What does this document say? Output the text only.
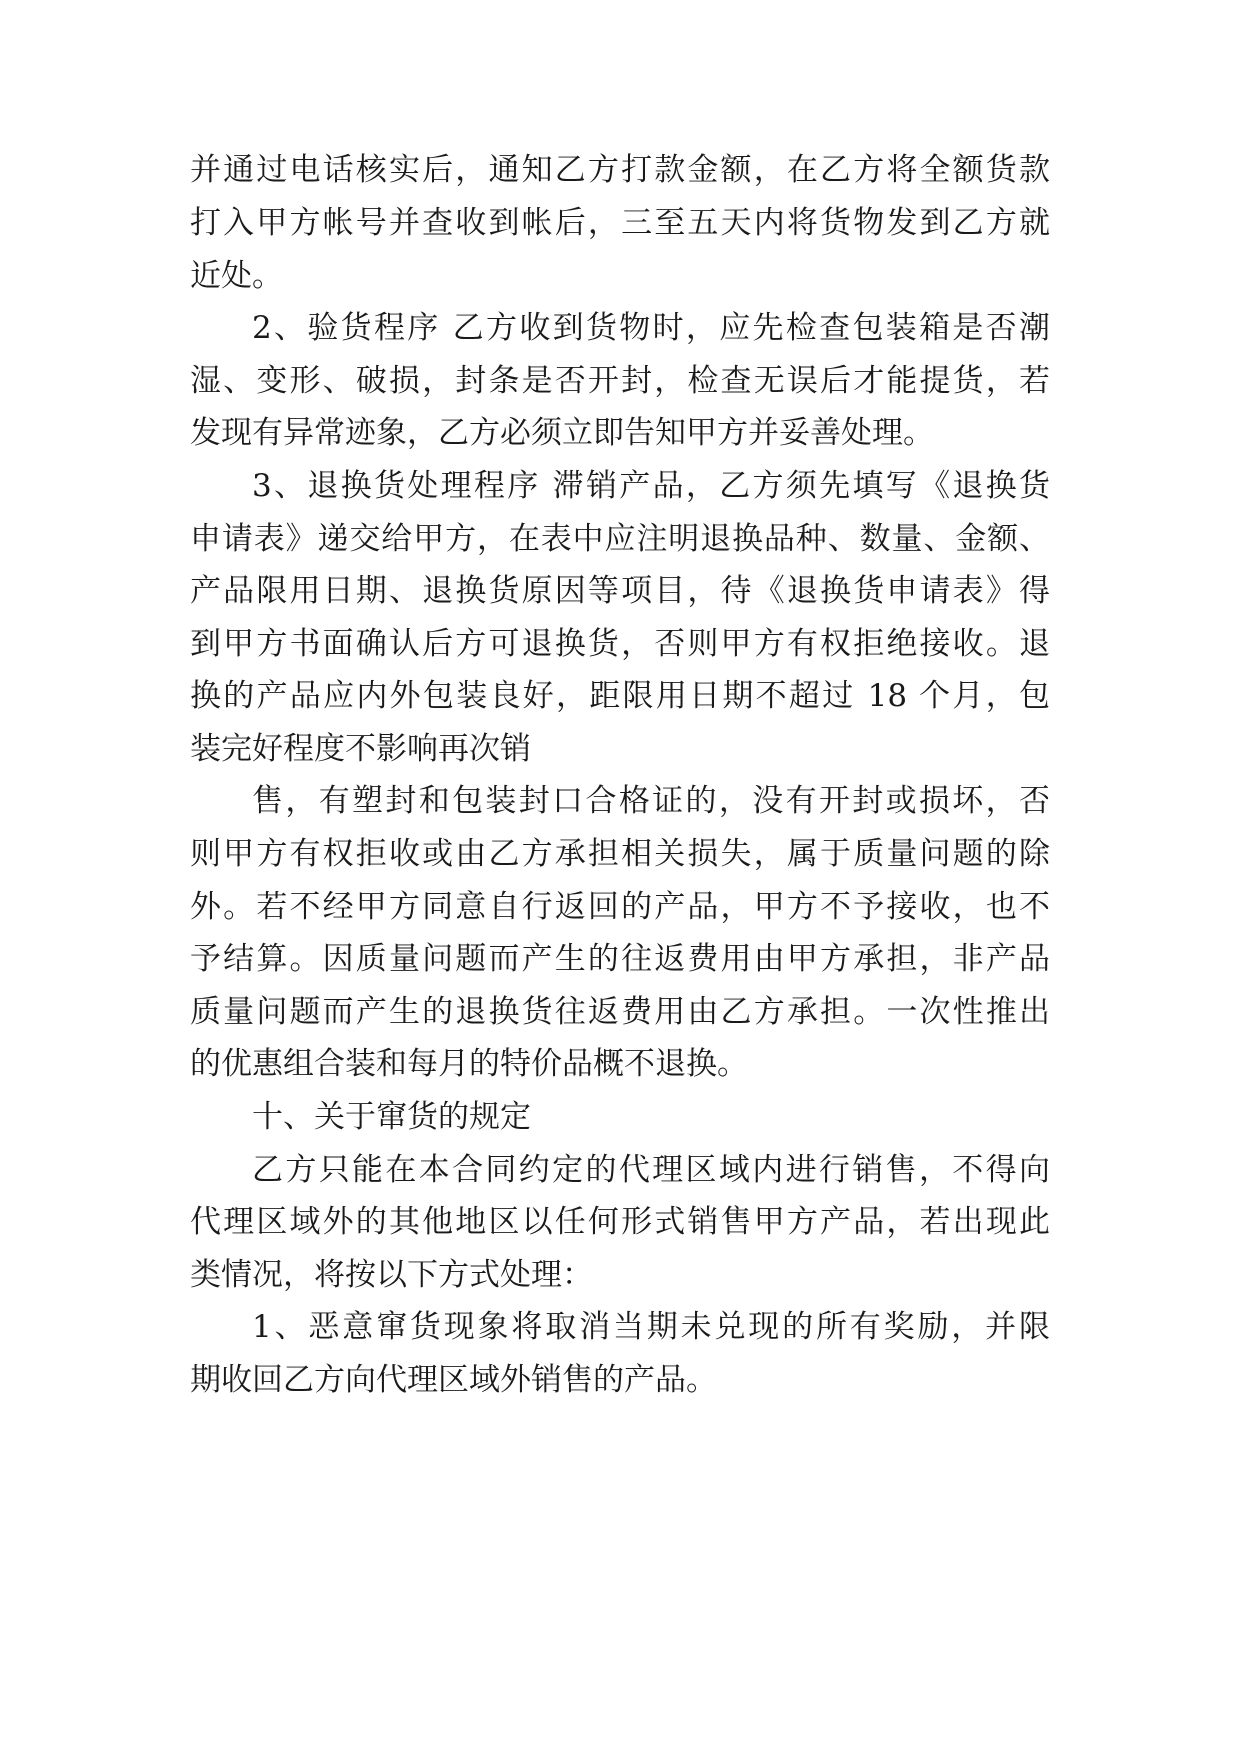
并通过电话核实后，通知乙方打款金额，在乙方将全额货款
打入甲方帐号并查收到帐后，三至五天内将货物发到乙方就
近处。
2、验货程序 乙方收到货物时，应先检查包装箱是否潮
湿、变形、破损，封条是否开封，检查无误后才能提货，若
发现有异常迹象，乙方必须立即告知甲方并妥善处理。
3、退换货处理程序 滞销产品，乙方须先填写《退换货
申请表》递交给甲方，在表中应注明退换品种、数量、金额、
产品限用日期、退换货原因等项目，待《退换货申请表》得
到甲方书面确认后方可退换货，否则甲方有权拒绝接收。退
换的产品应内外包装良好，距限用日期不超过 18 个月，包
装完好程度不影响再次销
售，有塑封和包装封口合格证的，没有开封或损坏，否
则甲方有权拒收或由乙方承担相关损失，属于质量问题的除
外。若不经甲方同意自行返回的产品，甲方不予接收，也不
予结算。因质量问题而产生的往返费用由甲方承担，非产品
质量问题而产生的退换货往返费用由乙方承担。一次性推出
的优惠组合装和每月的特价品概不退换。
十、关于窜货的规定
乙方只能在本合同约定的代理区域内进行销售，不得向
代理区域外的其他地区以任何形式销售甲方产品，若出现此
类情况，将按以下方式处理：
1、恶意窜货现象将取消当期未兑现的所有奖励，并限
期收回乙方向代理区域外销售的产品。
